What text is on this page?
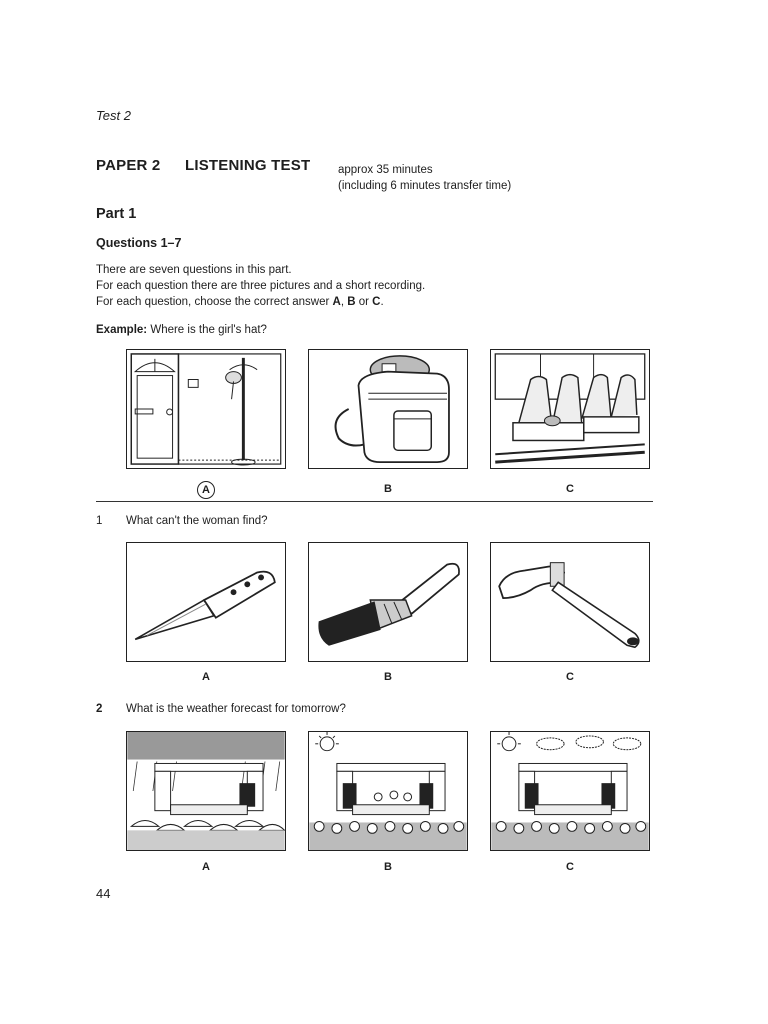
Test 2
PAPER 2 LISTENING TEST approx 35 minutes
(including 6 minutes transfer time)
Part 1
Questions 1–7
There are seven questions in this part.
For each question there are three pictures and a short recording.
For each question, choose the correct answer A, B or C.
Example: Where is the girl's hat?
A	B	C
1 What can't the woman find?
A	B	C
2 What is the weather forecast for tomorrow?
A	B	C
44
